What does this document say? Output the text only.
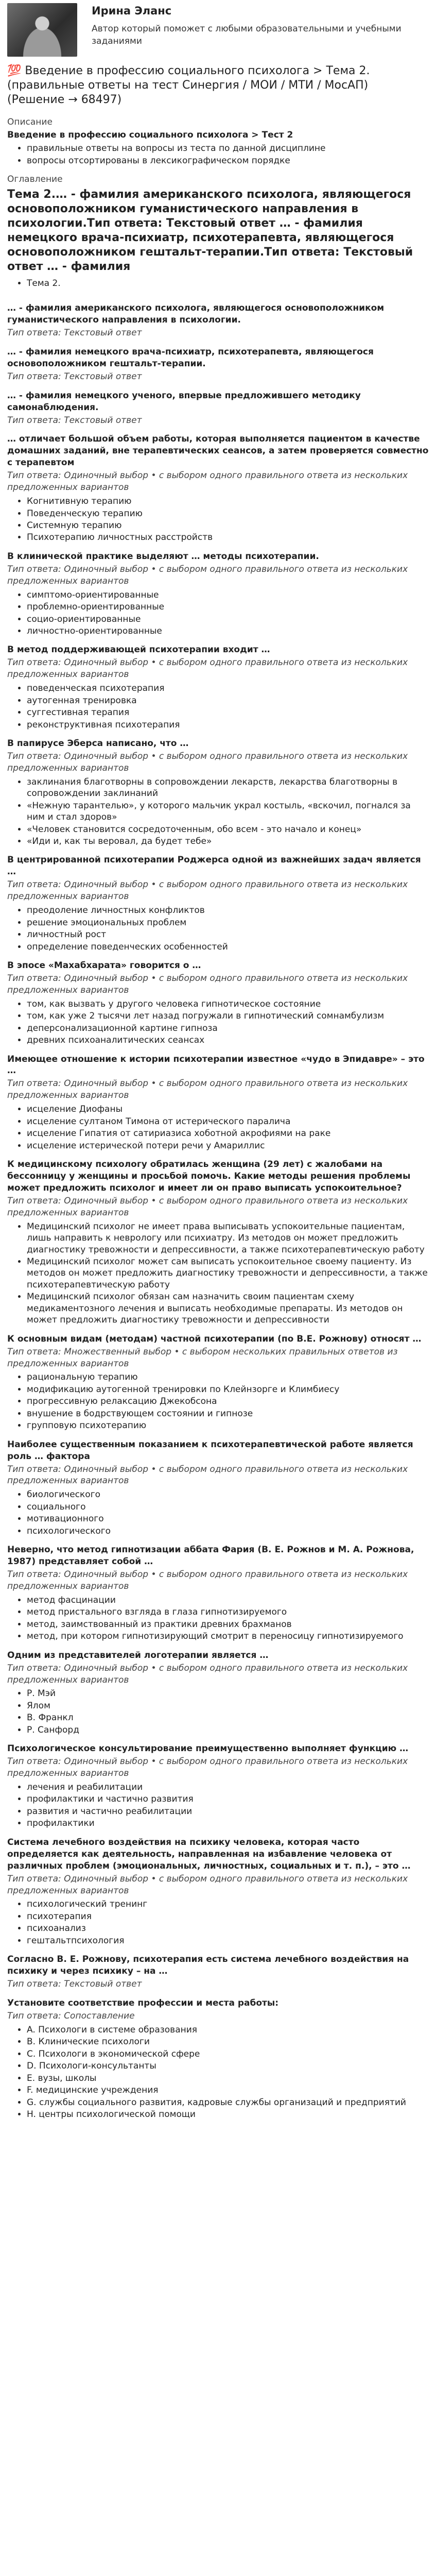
Ирина Эланс
Автор который поможет с любыми образовательными и учебными заданиями
💯 Введение в профессию социального психолога > Тема 2. (правильные ответы на тест Синергия / МОИ / МТИ / МосАП) (Решение → 68497)
Описание
Введение в профессию социального психолога > Тест 2
• правильные ответы на вопросы из теста по данной дисциплине
• вопросы отсортированы в лексикографическом порядке
Оглавление
Тема 2.… - фамилия американского психолога, являющегося основоположником гуманистического направления в психологии.Тип ответа: Текстовый ответ … - фамилия немецкого врача-психиатр, психотерапевта, являющегося основоположником гештальт-терапии.Тип ответа: Текстовый ответ … - фамилия
• Тема 2.
… - фамилия американского психолога, являющегося основоположником гуманистического направления в психологии.
Тип ответа: Текстовый ответ
… - фамилия немецкого врача-психиатр, психотерапевта, являющегося основоположником гештальт-терапии.
Тип ответа: Текстовый ответ
… - фамилия немецкого ученого, впервые предложившего методику самонаблюдения.
Тип ответа: Текстовый ответ
… отличает большой объем работы, которая выполняется пациентом в качестве домашних заданий, вне терапевтических сеансов, а затем проверяется совместно с терапевтом
Тип ответа: Одиночный выбор • с выбором одного правильного ответа из нескольких предложенных вариантов
• Когнитивную терапию
• Поведенческую терапию
• Системную терапию
• Психотерапию личностных расстройств
В клинической практике выделяют … методы психотерапии.
Тип ответа: Одиночный выбор • с выбором одного правильного ответа из нескольких предложенных вариантов
• симптомо-ориентированные
• проблемно-ориентированные
• социо-ориентированные
• личностно-ориентированные
В метод поддерживающей психотерапии входит …
Тип ответа: Одиночный выбор • с выбором одного правильного ответа из нескольких предложенных вариантов
• поведенческая психотерапия
• аутогенная тренировка
• суггестивная терапия
• реконструктивная психотерапия
В папирусе Эберса написано, что …
Тип ответа: Одиночный выбор • с выбором одного правильного ответа из нескольких предложенных вариантов
• заклинания благотворны в сопровождении лекарств, лекарства благотворны в сопровождении заклинаний
• «Нежную тарантелью», у которого мальчик украл костыль, «вскочил, погнался за ним и стал здоров»
• «Человек становится сосредоточенным, обо всем - это начало и конец»
• «Иди и, как ты веровал, да будет тебе»
В центрированной психотерапии Роджерса одной из важнейших задач является …
Тип ответа: Одиночный выбор • с выбором одного правильного ответа из нескольких предложенных вариантов
• преодоление личностных конфликтов
• решение эмоциональных проблем
• личностный рост
• определение поведенческих особенностей
В эпосе «Махабхарата» говорится о …
Тип ответа: Одиночный выбор • с выбором одного правильного ответа из нескольких предложенных вариантов
• том, как вызвать у другого человека гипнотическое состояние
• том, как уже 2 тысячи лет назад погружали в гипнотический сомнамбулизм
• деперсонализационной картине гипноза
• древних психоаналитических сеансах
Имеющее отношение к истории психотерапии известное «чудо в Эпидавре» – это …
Тип ответа: Одиночный выбор • с выбором одного правильного ответа из нескольких предложенных вариантов
• исцеление Диофаны
• исцеление султаном Тимона от истерического паралича
• исцеление Гипатия от сатириазиса хоботной акрофиями на раке
• исцеление истерической потери речи у Амариллис
К медицинскому психологу обратилась женщина (29 лет) с жалобами на бессонницу у женщины и просьбой помочь. Какие методы решения проблемы может предложить психолог и имеет ли он право выписать успокоительное?
Тип ответа: Одиночный выбор • с выбором одного правильного ответа из нескольких предложенных вариантов
• Медицинский психолог не имеет права выписывать успокоительные пациентам, лишь направить к неврологу или психиатру. Из методов он может предложить диагностику тревожности и депрессивности, а также психотерапевтическую работу
• Медицинский психолог может сам выписать успокоительное своему пациенту. Из методов он может предложить диагностику тревожности и депрессивности, а также психотерапевтическую работу
• Медицинский психолог обязан сам назначить своим пациентам схему медикаментозного лечения и выписать необходимые препараты. Из методов он может предложить диагностику тревожности и депрессивности
К основным видам (методам) частной психотерапии (по В.Е. Рожнову) относят …
Тип ответа: Множественный выбор • с выбором нескольких правильных ответов из предложенных вариантов
• рациональную терапию
• модификацию аутогенной тренировки по Клейнзорге и Климбиесу
• прогрессивную релаксацию Джекобсона
• внушение в бодрствующем состоянии и гипнозе
• групповую психотерапию
Наиболее существенным показанием к психотерапевтической работе является роль … фактора
Тип ответа: Одиночный выбор • с выбором одного правильного ответа из нескольких предложенных вариантов
• биологического
• социального
• мотивационного
• психологического
Неверно, что метод гипнотизации аббата Фария (В. Е. Рожнов и М. А. Рожнова, 1987) представляет собой …
Тип ответа: Одиночный выбор • с выбором одного правильного ответа из нескольких предложенных вариантов
• метод фасцинации
• метод пристального взгляда в глаза гипнотизируемого
• метод, заимствованный из практики древних брахманов
• метод, при котором гипнотизирующий смотрит в переносицу гипнотизируемого
Одним из представителей логотерапии является …
Тип ответа: Одиночный выбор • с выбором одного правильного ответа из нескольких предложенных вариантов
• Р. Мэй
• Ялом
• В. Франкл
• Р. Санфорд
Психологическое консультирование преимущественно выполняет функцию …
Тип ответа: Одиночный выбор • с выбором одного правильного ответа из нескольких предложенных вариантов
• лечения и реабилитации
• профилактики и частично развития
• развития и частично реабилитации
• профилактики
Система лечебного воздействия на психику человека, которая часто определяется как деятельность, направленная на избавление человека от различных проблем (эмоциональных, личностных, социальных и т. п.), – это …
Тип ответа: Одиночный выбор • с выбором одного правильного ответа из нескольких предложенных вариантов
• психологический тренинг
• психотерапия
• психоанализ
• гештальтпсихология
Согласно В. Е. Рожнову, психотерапия есть система лечебного воздействия на психику и через психику – на …
Тип ответа: Текстовый ответ
Установите соответствие профессии и места работы:
Тип ответа: Сопоставление
• A. Психологи в системе образования
• B. Клинические психологи
• C. Психологи в экономической сфере
• D. Психологи-консультанты
• E. вузы, школы
• F. медицинские учреждения
• G. службы социального развития, кадровые службы организаций и предприятий
• H. центры психологической помощи
